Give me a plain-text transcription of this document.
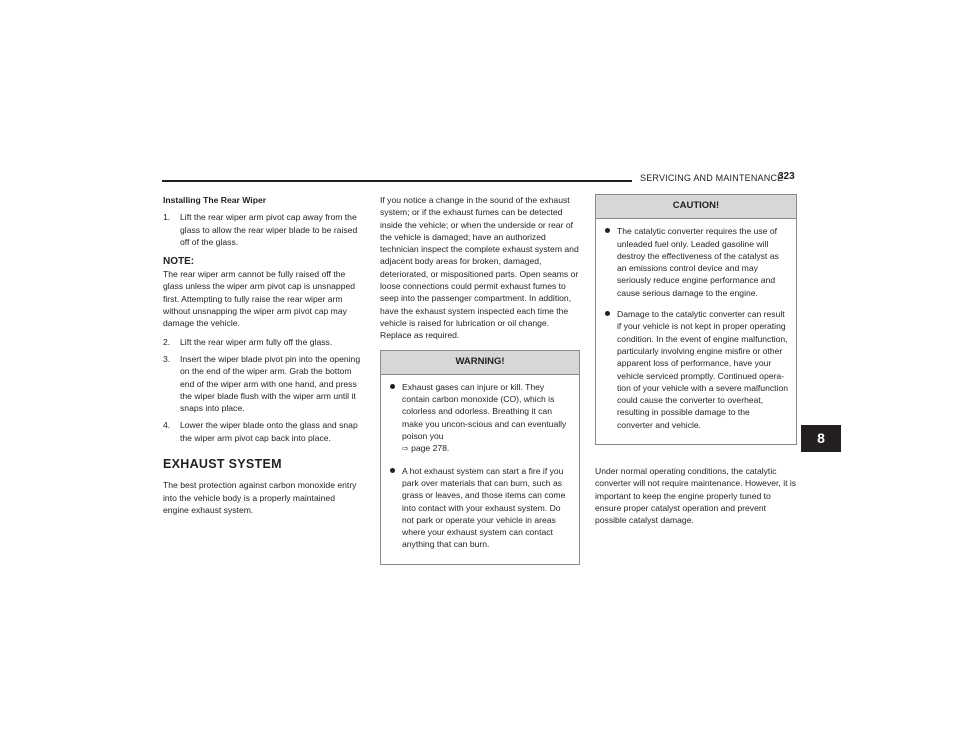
SERVICING AND MAINTENANCE
323
8

Installing The Rear Wiper

1. Lift the rear wiper arm pivot cap away from the glass to allow the rear wiper blade to be raised off of the glass.
NOTE:

The rear wiper arm cannot be fully raised off the glass unless the wiper arm pivot cap is unsnapped first. Attempting to fully raise the rear wiper arm without unsnapping the wiper arm pivot cap may damage the vehicle.

2. Lift the rear wiper arm fully off the glass.
3. Insert the wiper blade pivot pin into the opening on the end of the wiper arm. Grab the bottom end of the wiper arm with one hand, and press the wiper blade flush with the wiper arm until it snaps into place.
4. Lower the wiper blade onto the glass and snap the wiper arm pivot cap back into place.
EXHAUST SYSTEM

The best protection against carbon monoxide entry into the vehicle body is a properly maintained engine exhaust system.

If you notice a change in the sound of the exhaust system; or if the exhaust fumes can be detected inside the vehicle; or when the underside or rear of the vehicle is damaged; have an authorized technician inspect the complete exhaust system and adjacent body areas for broken, damaged, deteriorated, or mispositioned parts. Open seams or loose connections could permit exhaust fumes to seep into the passenger compartment. In addition, have the exhaust system inspected each time the vehicle is raised for lubrication or oil change. Replace as required.

WARNING!
Exhaust gases can injure or kill. They contain carbon monoxide (CO), which is colorless and odorless. Breathing it can make you uncon-scious and can eventually poison you
⇨ page 278.
A hot exhaust system can start a fire if you park over materials that can burn, such as grass or leaves, and those items can come into contact with your exhaust system. Do not park or operate your vehicle in areas where your exhaust system can contact anything that can burn.
CAUTION!
The catalytic converter requires the use of unleaded fuel only. Leaded gasoline will destroy the effectiveness of the catalyst as an emissions control device and may seriously reduce engine performance and cause serious damage to the engine.
Damage to the catalytic converter can result if your vehicle is not kept in proper operating condition. In the event of engine malfunction, particularly involving engine misfire or other apparent loss of performance, have your vehicle serviced promptly. Continued opera-tion of your vehicle with a severe malfunction could cause the converter to overheat, resulting in possible damage to the converter and vehicle.

Under normal operating conditions, the catalytic converter will not require maintenance. However, it is important to keep the engine properly tuned to ensure proper catalyst operation and prevent possible catalyst damage.
